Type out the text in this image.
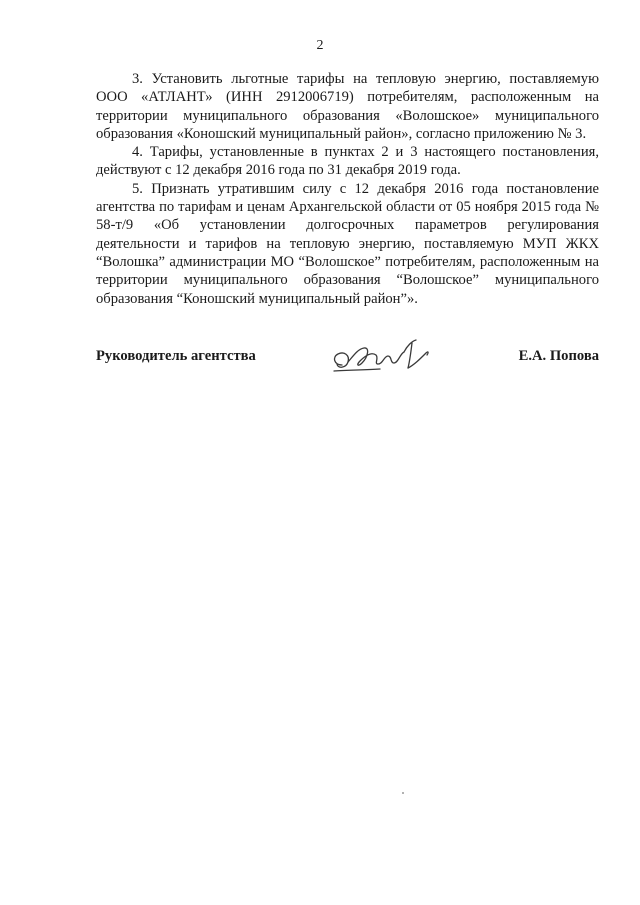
2

3. Установить льготные тарифы на тепловую энергию, поставляемую ООО «АТЛАНТ» (ИНН 2912006719) потребителям, расположенным на территории муниципального образования «Волошское» муниципального образования «Коношский муниципальный район», согласно приложению № 3.

4. Тарифы, установленные в пунктах 2 и 3 настоящего постановления, действуют с 12 декабря 2016 года по 31 декабря 2019 года.

5. Признать утратившим силу с 12 декабря 2016 года постановление агентства по тарифам и ценам Архангельской области от 05 ноября 2015 года № 58-т/9 «Об установлении долгосрочных параметров регулирования деятельности и тарифов на тепловую энергию, поставляемую МУП ЖКХ “Волошка” администрации МО “Волошское” потребителям, расположенным на территории муниципального образования “Волошское” муниципального образования “Коношский муниципальный район”».

Руководитель агентства	Е.А. Попова
